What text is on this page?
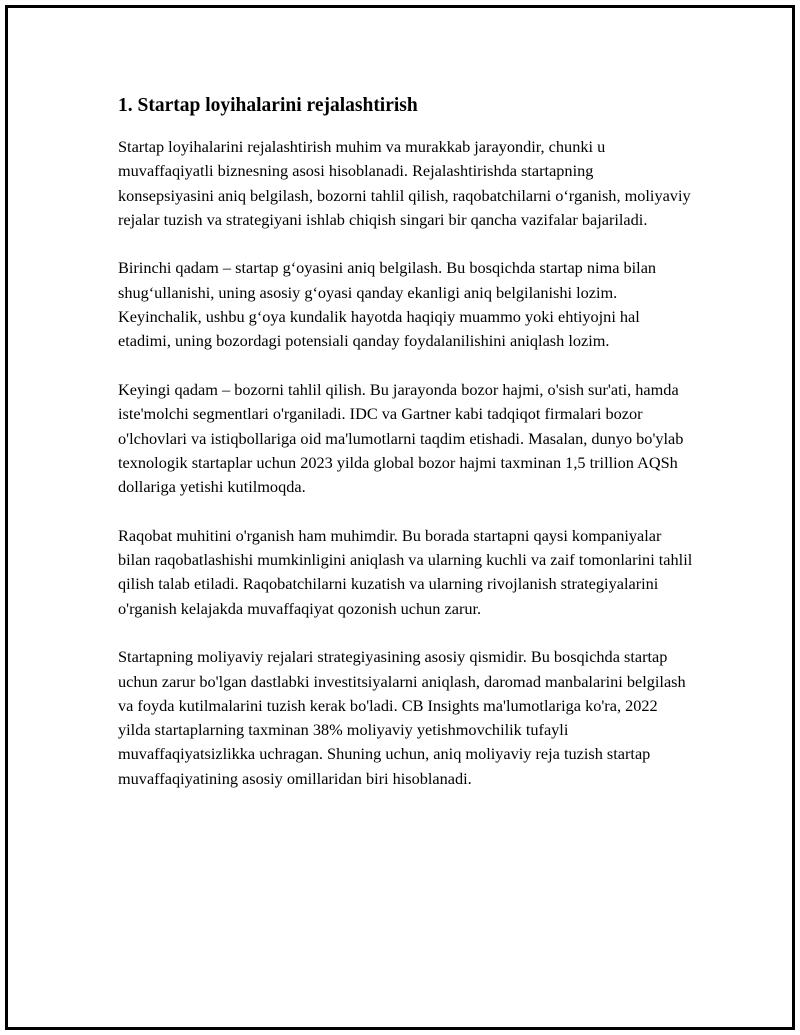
1. Startap loyihalarini rejalashtirish

Startap loyihalarini rejalashtirish muhim va murakkab jarayondir, chunki u muvaffaqiyatli biznesning asosi hisoblanadi. Rejalashtirishda startapning konsepsiyasini aniq belgilash, bozorni tahlil qilish, raqobatchilarni o‘rganish, moliyaviy rejalar tuzish va strategiyani ishlab chiqish singari bir qancha vazifalar bajariladi.

Birinchi qadam – startap g‘oyasini aniq belgilash. Bu bosqichda startap nima bilan shug‘ullanishi, uning asosiy g‘oyasi qanday ekanligi aniq belgilanishi lozim. Keyinchalik, ushbu g‘oya kundalik hayotda haqiqiy muammo yoki ehtiyojni hal etadimi, uning bozordagi potensiali qanday foydalanilishini aniqlash lozim.

Keyingi qadam – bozorni tahlil qilish. Bu jarayonda bozor hajmi, o'sish sur'ati, hamda iste'molchi segmentlari o'rganiladi. IDC va Gartner kabi tadqiqot firmalari bozor o'lchovlari va istiqbollariga oid ma'lumotlarni taqdim etishadi. Masalan, dunyo bo'ylab texnologik startaplar uchun 2023 yilda global bozor hajmi taxminan 1,5 trillion AQSh dollariga yetishi kutilmoqda.

Raqobat muhitini o'rganish ham muhimdir. Bu borada startapni qaysi kompaniyalar bilan raqobatlashishi mumkinligini aniqlash va ularning kuchli va zaif tomonlarini tahlil qilish talab etiladi. Raqobatchilarni kuzatish va ularning rivojlanish strategiyalarini o'rganish kelajakda muvaffaqiyat qozonish uchun zarur.

Startapning moliyaviy rejalari strategiyasining asosiy qismidir. Bu bosqichda startap uchun zarur bo'lgan dastlabki investitsiyalarni aniqlash, daromad manbalarini belgilash va foyda kutilmalarini tuzish kerak bo'ladi. CB Insights ma'lumotlariga ko'ra, 2022 yilda startaplarning taxminan 38% moliyaviy yetishmovchilik tufayli muvaffaqiyatsizlikka uchragan. Shuning uchun, aniq moliyaviy reja tuzish startap muvaffaqiyatining asosiy omillaridan biri hisoblanadi.
